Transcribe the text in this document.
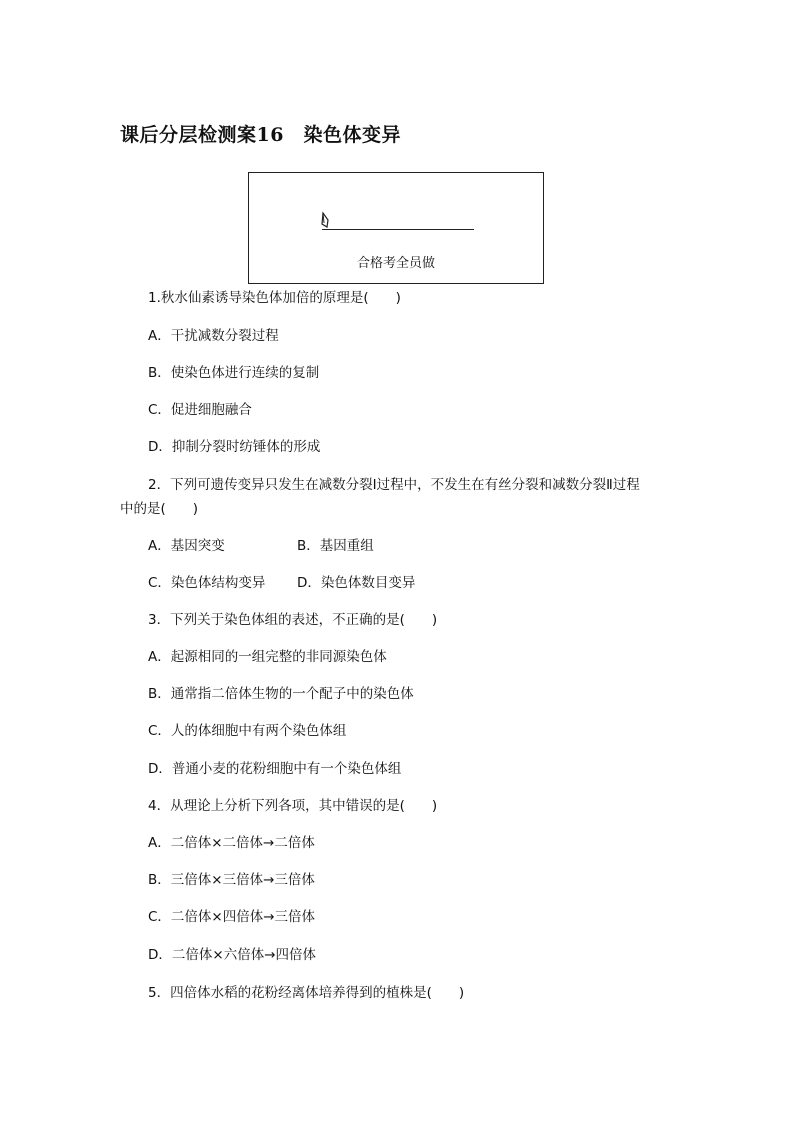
课后分层检测案16　染色体变异
合格考全员做
1.秋水仙素诱导染色体加倍的原理是(　　)
A．干扰减数分裂过程
B．使染色体进行连续的复制
C．促进细胞融合
D．抑制分裂时纺锤体的形成
2．下列可遗传变异只发生在减数分裂Ⅰ过程中，不发生在有丝分裂和减数分裂Ⅱ过程
中的是(　　)
A．基因突变	B．基因重组
C．染色体结构变异 D．染色体数目变异
3．下列关于染色体组的表述，不正确的是(　　)
A．起源相同的一组完整的非同源染色体
B．通常指二倍体生物的一个配子中的染色体
C．人的体细胞中有两个染色体组
D．普通小麦的花粉细胞中有一个染色体组
4．从理论上分析下列各项，其中错误的是(　　)
A．二倍体×二倍体→二倍体
B．三倍体×三倍体→三倍体
C．二倍体×四倍体→三倍体
D．二倍体×六倍体→四倍体
5．四倍体水稻的花粉经离体培养得到的植株是(　　)
